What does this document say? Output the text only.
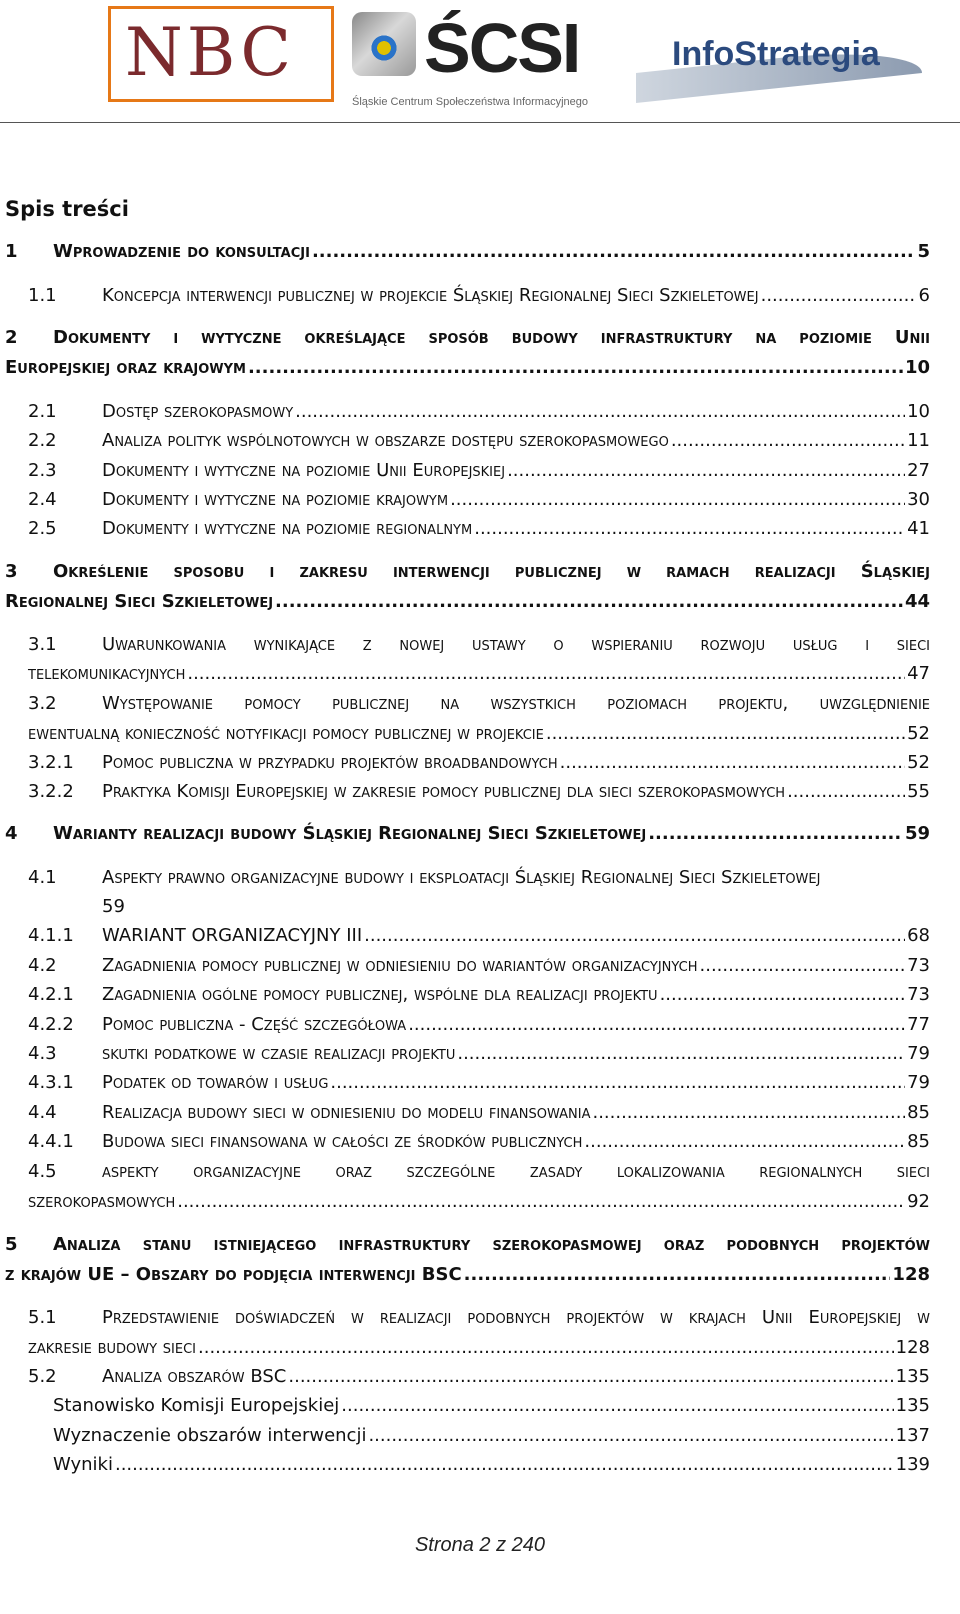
NBC ŚCSI
Śląskie Centrum Społeczeństwa Informacyjnego
InfoStrategia
Spis treści
1 Wprowadzenie do konsultacji .....	5
1.1	Koncepcja interwencji publicznej w projekcie Śląskiej Regionalnej Sieci Szkieletowej .....	6
2 Dokumenty i wytyczne określające sposób budowy infrastruktury na poziomie Unii
Europejskiej oraz krajowym .....	10
2.1	Dostęp szerokopasmowy .....	10
2.2	Analiza polityk wspólnotowych w obszarze dostępu szerokopasmowego .....	11
2.3	Dokumenty i wytyczne na poziomie Unii Europejskiej .....	27
2.4	Dokumenty i wytyczne na poziomie krajowym .....	30
2.5	Dokumenty i wytyczne na poziomie regionalnym .....	41
3 Określenie sposobu i zakresu interwencji publicznej w ramach realizacji Śląskiej
Regionalnej Sieci Szkieletowej .....	44
3.1	Uwarunkowania wynikające z nowej ustawy o wspieraniu rozwoju usług i sieci
telekomunikacyjnych .....	47
3.2	Występowanie pomocy publicznej na wszystkich poziomach projektu, uwzględnienie
ewentualną konieczność notyfikacji pomocy publicznej w projekcie .....	52
3.2.1 Pomoc publiczna w przypadku projektów broadbandowych .....	52
3.2.2 Praktyka Komisji Europejskiej w zakresie pomocy publicznej dla sieci szerokopasmowych .....	55
4 Warianty realizacji budowy Śląskiej Regionalnej Sieci Szkieletowej .....	59
4.1	Aspekty prawno organizacyjne budowy i eksploatacji Śląskiej Regionalnej Sieci Szkieletowej
59
4.1.1 WARIANT ORGANIZACYJNY III .....	68
4.2	Zagadnienia pomocy publicznej w odniesieniu do wariantów organizacyjnych .....	73
4.2.1 Zagadnienia ogólne pomocy publicznej, wspólne dla realizacji projektu .....	73
4.2.2 Pomoc publiczna - Część szczegółowa .....	77
4.3	skutki podatkowe w czasie realizacji projektu .....	79
4.3.1 Podatek od towarów i usług .....	79
4.4	Realizacja budowy sieci w odniesieniu do modelu finansowania .....	85
4.4.1 Budowa sieci finansowana w całości ze środków publicznych .....	85
4.5	aspekty organizacyjne oraz szczególne zasady lokalizowania regionalnych sieci
szerokopasmowych .....	92
5 Analiza stanu istniejącego infrastruktury szerokopasmowej oraz podobnych projektów
z krajów UE – Obszary do podjęcia interwencji BSC .....	128
5.1	Przedstawienie doświadczeń w realizacji podobnych projektów w krajach Unii Europejskiej w
zakresie budowy sieci .....	128
5.2	Analiza obszarów BSC .....	135
Stanowisko Komisji Europejskiej .....	135
Wyznaczenie obszarów interwencji .....	137
Wyniki .....	139
Strona 2 z 240
